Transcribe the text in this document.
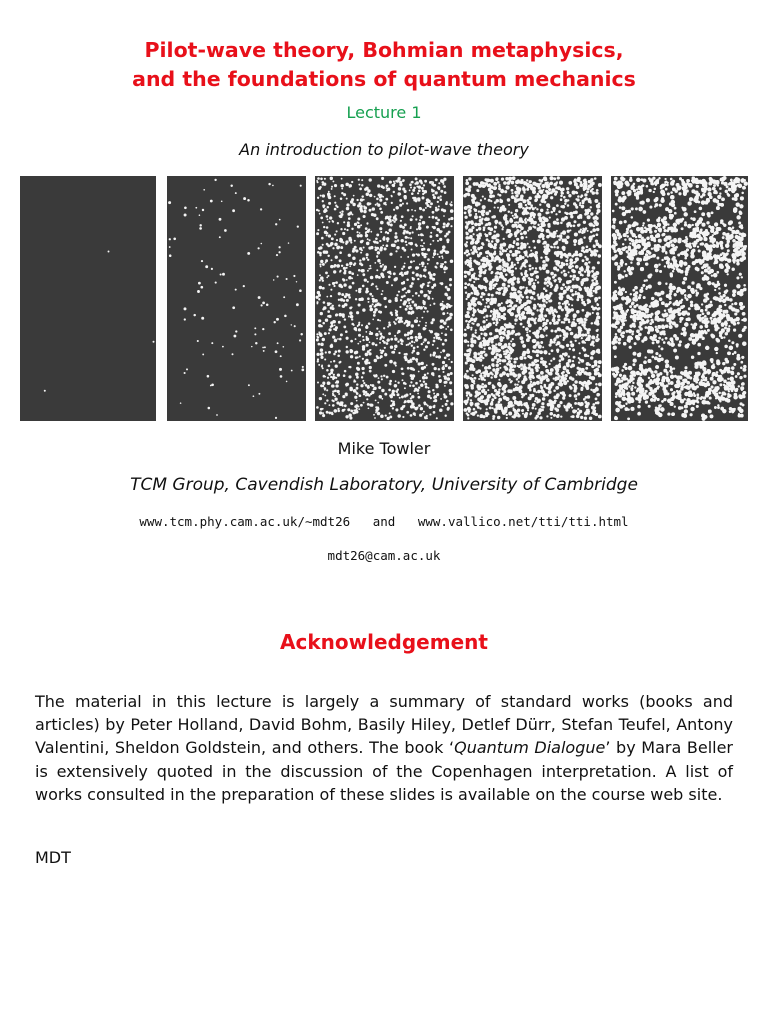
Pilot-wave theory, Bohmian metaphysics,
and the foundations of quantum mechanics
Lecture 1
An introduction to pilot-wave theory
Mike Towler
TCM Group, Cavendish Laboratory, University of Cambridge
www.tcm.phy.cam.ac.uk/∼mdt26 and www.vallico.net/tti/tti.html
mdt26@cam.ac.uk
Acknowledgement
The material in this lecture is largely a summary of standard works (books and articles) by Peter Holland, David Bohm, Basily Hiley, Detlef Dürr, Stefan Teufel, Antony Valentini, Sheldon Goldstein, and others. The book ‘Quantum Dialogue’ by Mara Beller is extensively quoted in the discussion of the Copenhagen interpretation. A list of works consulted in the preparation of these slides is available on the course web site.
MDT
